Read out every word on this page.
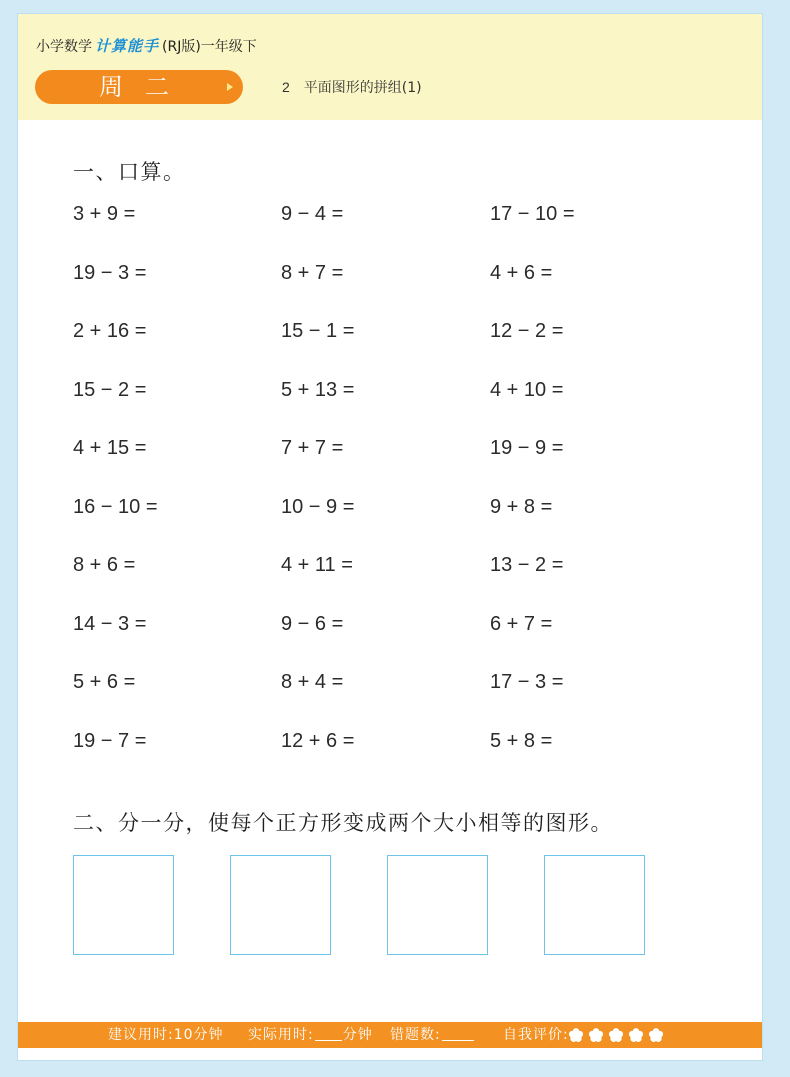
小学数学 计算能手 (RJ版)一年级下
周二	2 平面图形的拼组(1)
一、口算。
3 + 9 =	9 − 4 =	17 − 10 =
19 − 3 =	8 + 7 =	4 + 6 =
2 + 16 =	15 − 1 =	12 − 2 =
15 − 2 =	5 + 13 =	4 + 10 =
4 + 15 =	7 + 7 =	19 − 9 =
16 − 10 =	10 − 9 =	9 + 8 =
8 + 6 =	4 + 11 =	13 − 2 =
14 − 3 =	9 − 6 =	6 + 7 =
5 + 6 =	8 + 4 =	17 − 3 =
19 − 7 =	12 + 6 =	5 + 8 =
二、分一分，使每个正方形变成两个大小相等的图形。
建议用时:10分钟 实际用时: 分钟 错题数:	自我评价:
